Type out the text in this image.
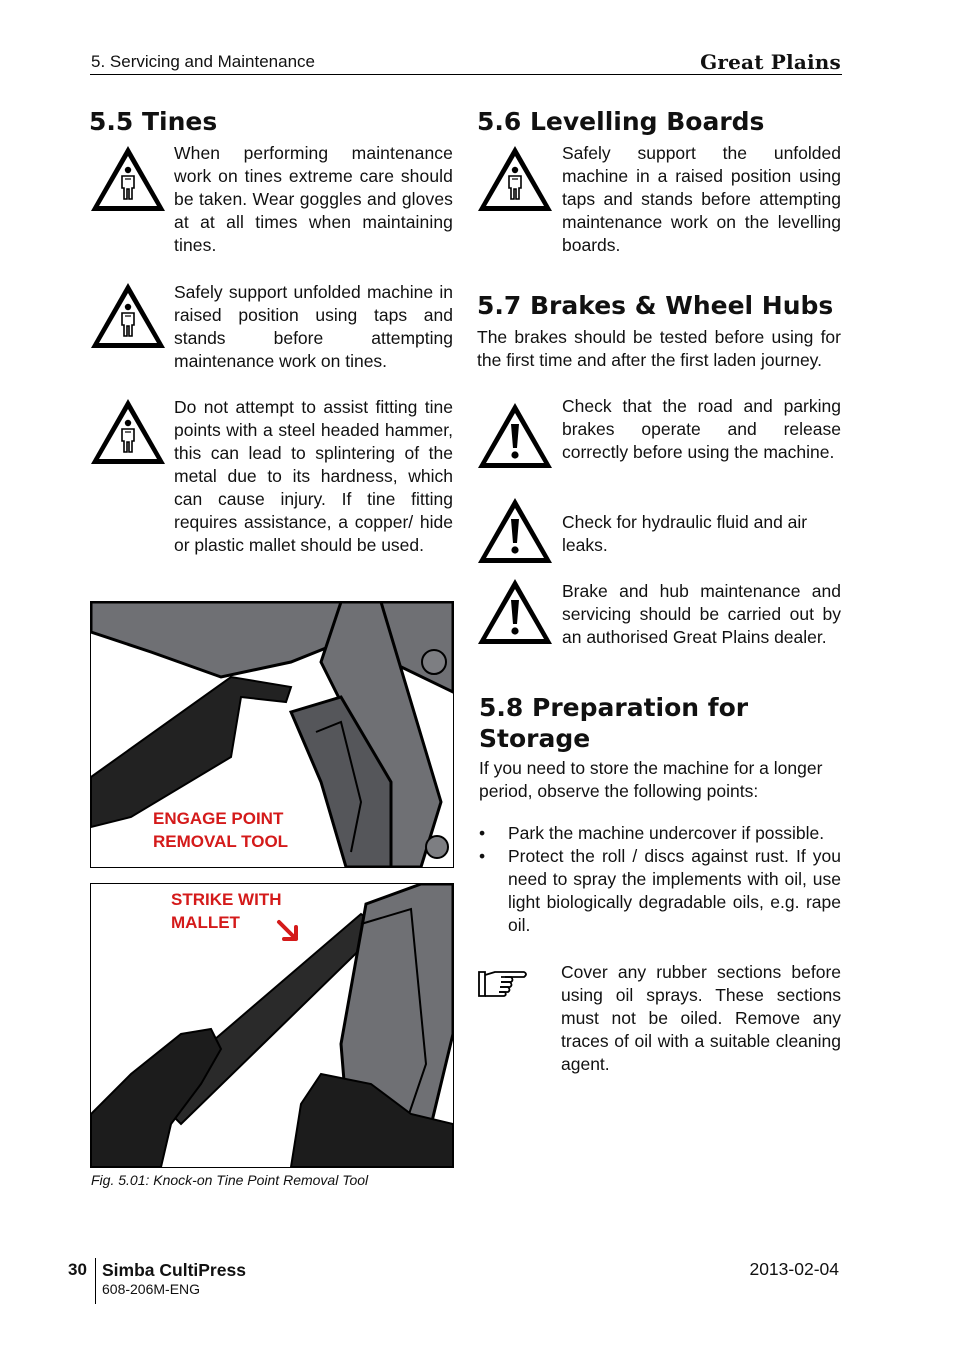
5. Servicing and Maintenance	Great Plains
5.5 Tines
When performing maintenance work on tines extreme care should be taken. Wear goggles and gloves at at all times when maintaining tines.
Safely support unfolded machine in raised position using taps and stands before attempting maintenance work on tines.
Do not attempt to assist fitting tine points with a steel headed hammer, this can lead to splintering of the metal due to its hardness, which can cause injury. If tine fitting requires assistance, a copper/ hide or plastic mallet should be used.
ENGAGE POINT
REMOVAL TOOL
STRIKE WITH
MALLET
Fig. 5.01: Knock-on Tine Point Removal Tool
5.6 Levelling Boards
Safely support the unfolded machine in a raised position using taps and stands before attempting maintenance work on the levelling boards.
5.7 Brakes & Wheel Hubs
The brakes should be tested before using for the first time and after the first laden journey.
Check that the road and parking brakes operate and release correctly before using the machine.
Check for hydraulic fluid and air leaks.
Brake and hub maintenance and servicing should be carried out by an authorised Great Plains dealer.
5.8 Preparation for
Storage
If you need to store the machine for a longer period, observe the following points:
• Park the machine undercover if possible.
• Protect the roll / discs against rust. If you need to spray the implements with oil, use light biologically degradable oils, e.g. rape oil.
Cover any rubber sections before using oil sprays. These sections must not be oiled. Remove any traces of oil with a suitable cleaning agent.
30 Simba CultiPress
608-206M-ENG
2013-02-04
